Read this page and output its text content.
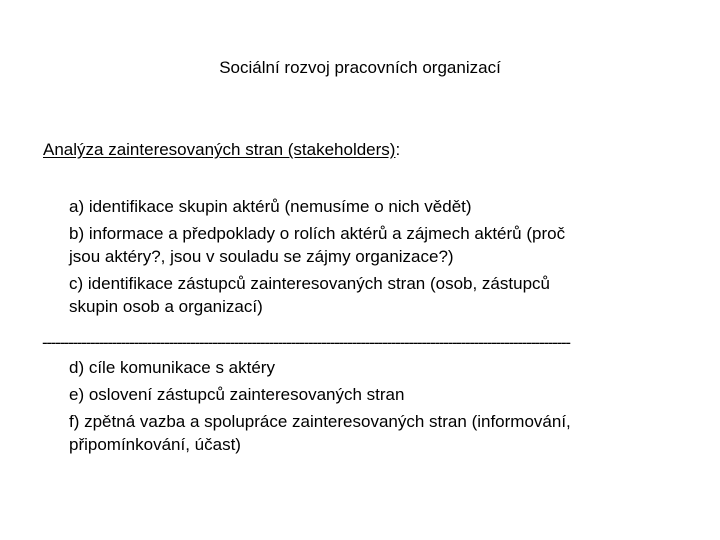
Sociální rozvoj pracovních organizací
Analýza zainteresovaných stran (stakeholders):
a) identifikace skupin aktérů (nemusíme o nich vědět)
b) informace a předpoklady o rolích aktérů a zájmech aktérů (proč
jsou aktéry?, jsou v souladu se zájmy organizace?)
c) identifikace zástupců zainteresovaných stran (osob, zástupců
skupin osob a organizací)
-------------------------------------------------------------------------------------------------------------------------
d) cíle komunikace s aktéry
e) oslovení zástupců zainteresovaných stran
f) zpětná vazba a spolupráce zainteresovaných stran (informování,
připomínkování, účast)
